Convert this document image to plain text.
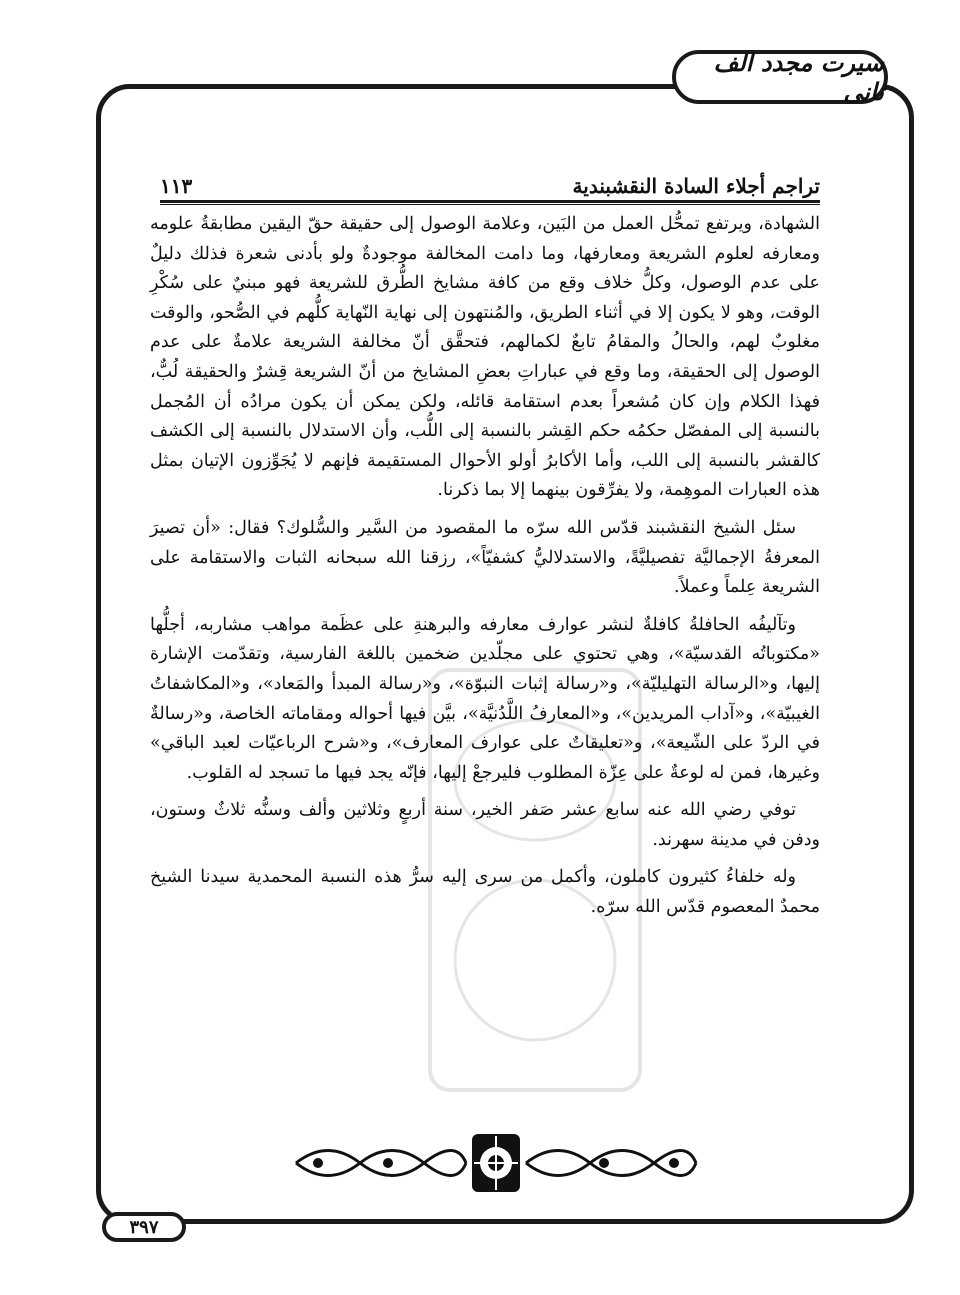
سیرت مجدد الف ثانی
١١٣	تراجم أجلاء السادة النقشبندية

الشهادة، ويرتفع تمحُّل العمل من البَين، وعلامة الوصول إلى حقيقة حقّ اليقين مطابقةُ علومه ومعارفه لعلوم الشريعة ومعارفها، وما دامت المخالفة موجودةٌ ولو بأدنى شعرة فذلك دليلٌ على عدم الوصول، وكلُّ خلاف وقع من كافة مشايخ الطُّرق للشريعة فهو مبنيٌ على سُكْرِ الوقت، وهو لا يكون إلا في أثناء الطريق، والمُنتهون إلى نهاية النّهاية كلُّهم في الصُّحو، والوقت مغلوبٌ لهم، والحالُ والمقامُ تابعٌ لكمالهم، فتحقَّق أنّ مخالفة الشريعة علامةٌ على عدم الوصول إلى الحقيقة، وما وقع في عباراتِ بعضِ المشايخ من أنّ الشريعة قِشرٌ والحقيقة لُبٌّ، فهذا الكلام وإن كان مُشعراً بعدم استقامة قائله، ولكن يمكن أن يكون مرادُه أن المُجمل بالنسبة إلى المفصّل حكمُه حكم القِشر بالنسبة إلى اللُّب، وأن الاستدلال بالنسبة إلى الكشف كالقشر بالنسبة إلى اللب، وأما الأكابرُ أولو الأحوال المستقيمة فإنهم لا يُجَوِّزون الإتيان بمثل هذه العبارات الموهِمة، ولا يفرِّقون بينهما إلا بما ذكرنا.

سئل الشيخ النقشبند قدّس الله سرّه ما المقصود من السَّير والسُّلوك؟ فقال: «أن تصيرَ المعرفةُ الإجماليَّة تفصيليَّةً، والاستدلاليُّ كشفيّاً»، رزقنا الله سبحانه الثبات والاستقامة على الشريعة عِلماً وعملاً.

وتآليفُه الحافلةُ كافلةٌ لنشر عوارف معارفه والبرهنةِ على عظَمة مواهب مشاربه، أجلُّها «مكتوباتُه القدسيّة»، وهي تحتوي على مجلّدين ضخمين باللغة الفارسية، وتقدّمت الإشارة إليها، و«الرسالة التهليليّة»، و«رسالة إثبات النبوّة»، و«رسالة المبدأ والمَعاد»، و«المكاشفاتُ الغيبيّة»، و«آداب المريدين»، و«المعارفُ اللَّدُنيَّة»، بيَّن فيها أحواله ومقاماته الخاصة، و«رسالةٌ في الردّ على الشّيعة»، و«تعليقاتٌ على عوارف المعارف»، و«شرح الرباعيّات لعبد الباقي» وغيرها، فمن له لوعةٌ على عِزّة المطلوب فليرجعْ إليها، فإنّه يجد فيها ما تسجد له القلوب.

توفي رضي الله عنه سابع عشر صَفر الخير، سنة أربعٍ وثلاثين وألف وسنُّه ثلاثٌ وستون، ودفن في مدينة سهرند.

وله خلفاءُ كثيرون كاملون، وأكمل من سرى إليه سرُّ هذه النسبة المحمدية سيدنا الشيخ محمدٌ المعصوم قدّس الله سرّه.

٣٩٧
